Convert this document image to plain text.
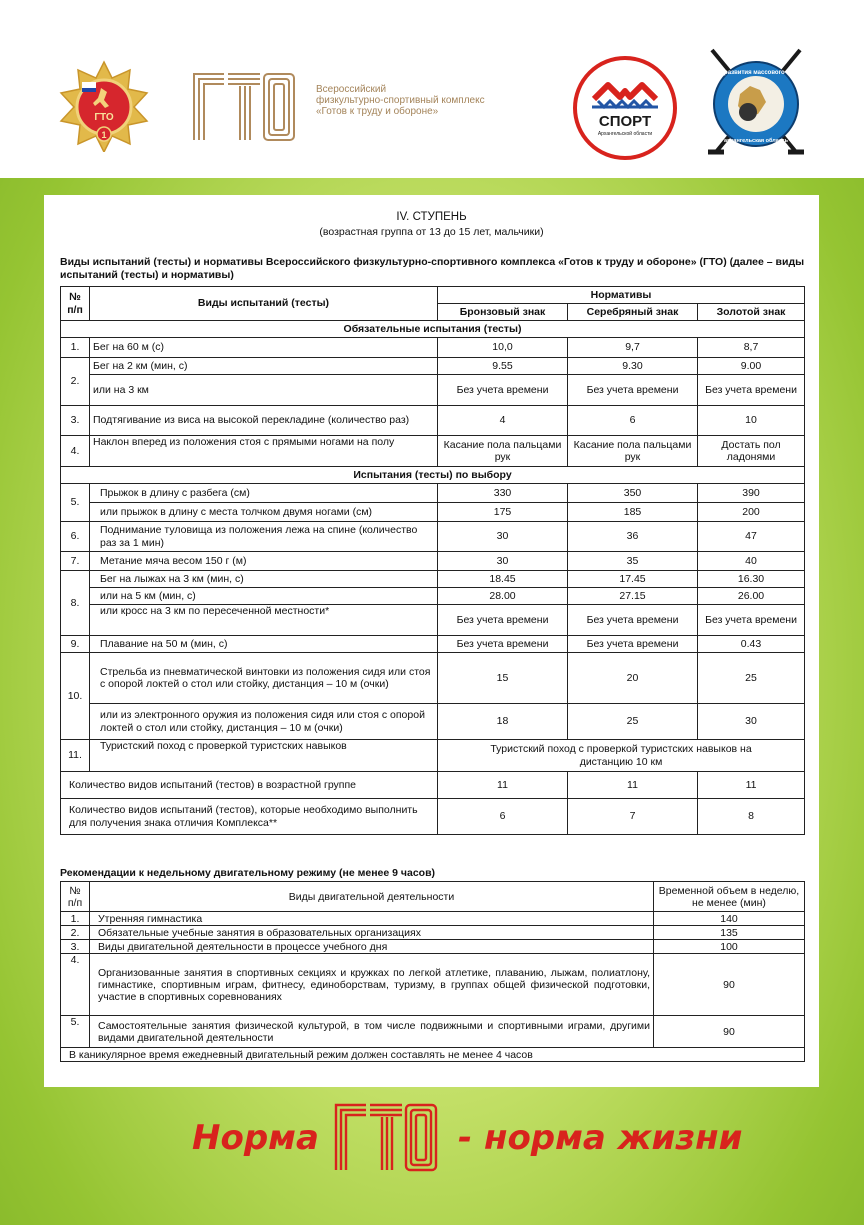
ГТО
1
Всероссийский
физкультурно-спортивный комплекс
«Готов к труду и обороне»
СПОРТ
Архангельской области
центр развития массового спорта
архангельская область
IV. СТУПЕНЬ
(возрастная группа от 13 до 15 лет, мальчики)
Виды испытаний (тесты) и нормативы Всероссийского физкультурно-спортивного комплекса «Готов к труду и обороне» (ГТО) (далее – виды испытаний (тесты) и нормативы)
№ п/п	Виды испытаний (тесты)	Нормативы		
		Бронзовый знак	Серебряный знак	Золотой знак
Обязательные испытания (тесты)				
1.	Бег на 60 м (с)	10,0	9,7	8,7
2.	Бег на 2 км (мин, с)	9.55	9.30	9.00
	или на 3 км	Без учета времени	Без учета времени	Без учета времени
3.	Подтягивание из виса на высокой перекладине (количество раз)	4	6	10
4.	Наклон вперед из положения стоя с прямыми ногами на полу	Касание пола пальцами рук	Касание пола пальцами рук	Достать пол ладонями
Испытания (тесты) по выбору				
5.	Прыжок в длину с разбега (см)	330	350	390
	или прыжок в длину с места толчком двумя ногами (см)	175	185	200
6.	Поднимание туловища из положения лежа на спине (количество раз за 1 мин)	30	36	47
7.	Метание мяча весом 150 г (м)	30	35	40
8.	Бег на лыжах на 3 км (мин, с)	18.45	17.45	16.30
	или на 5 км (мин, с)	28.00	27.15	26.00
	или кросс на 3 км по пересеченной местности*	Без учета времени	Без учета времени	Без учета времени
9.	Плавание на 50 м (мин, с)	Без учета времени	Без учета времени	0.43
10.	Стрельба из пневматической винтовки из положения сидя или стоя с опорой локтей о стол или стойку, дистанция – 10 м (очки)	15	20	25
	или из электронного оружия из положения сидя или стоя с опорой локтей о стол или стойку, дистанция – 10 м (очки)	18	25	30
11.	Туристский поход с проверкой туристских навыков	Туристский поход с проверкой туристских навыков на дистанцию 10 км		
Количество видов испытаний (тестов) в возрастной группе		11	11	11
Количество видов испытаний (тестов), которые необходимо выполнить для получения знака отличия Комплекса**		6	7	8
Рекомендации к недельному двигательному режиму (не менее 9 часов)
№ п/п	Виды двигательной деятельности	Временной объем в неделю, не менее (мин)
1.	Утренняя гимнастика	140
2.	Обязательные учебные занятия в образовательных организациях	135
3.	Виды двигательной деятельности в процессе учебного дня	100
4.	Организованные занятия в спортивных секциях и кружках по легкой атлетике, плаванию, лыжам, полиатлону, гимнастике, спортивным играм, фитнесу, единоборствам, туризму, в группах общей физической подготовки, участие в спортивных соревнованиях	90
5.	Самостоятельные занятия физической культурой, в том числе подвижными и спортивными играми, другими видами двигательной деятельности	90
В каникулярное время ежедневный двигательный режим должен составлять не менее 4 часов		
Норма	ГТО - норма жизни
